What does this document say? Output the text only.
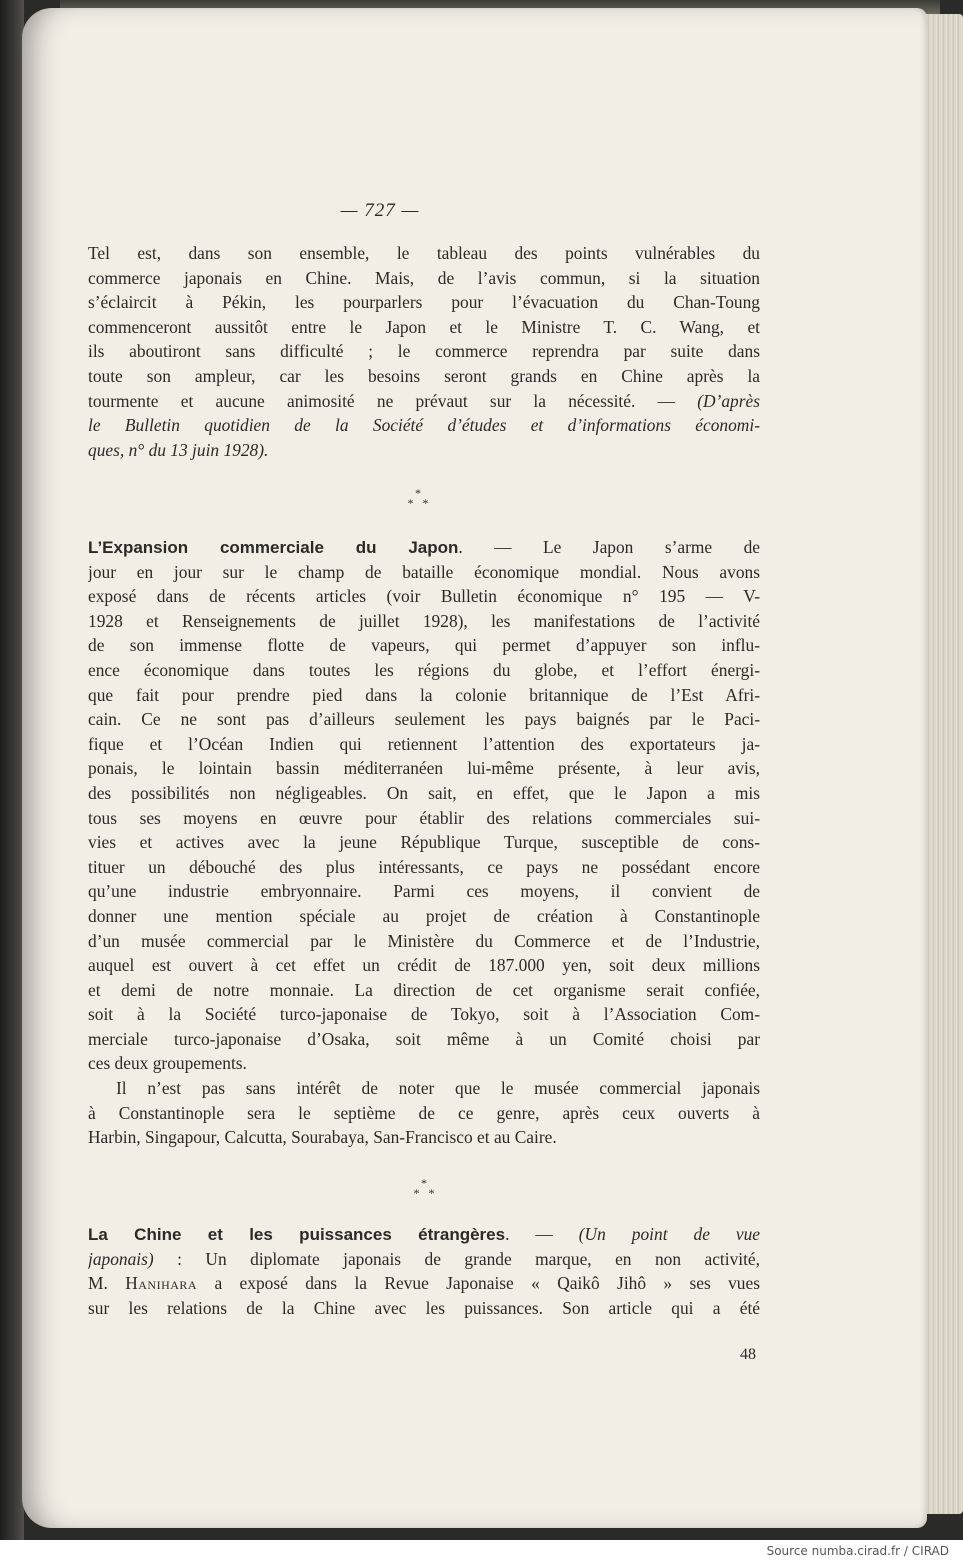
— 727 —
Tel est, dans son ensemble, le tableau des points vulnérables du
commerce japonais en Chine. Mais, de l’avis commun, si la situation
s’éclaircit à Pékin, les pourparlers pour l’évacuation du Chan-Toung
commenceront aussitôt entre le Japon et le Ministre T. C. Wang, et
ils aboutiront sans difficulté ; le commerce reprendra par suite dans
toute son ampleur, car les besoins seront grands en Chine après la
tourmente et aucune animosité ne prévaut sur la nécessité. — (D’après
le Bulletin quotidien de la Société d’études et d’informations économi-
ques, n° du 13 juin 1928).
*
*   *
L’Expansion commerciale du Japon. — Le Japon s’arme de
jour en jour sur le champ de bataille économique mondial. Nous avons
exposé dans de récents articles (voir Bulletin économique n° 195 — V-
1928 et Renseignements de juillet 1928), les manifestations de l’activité
de son immense flotte de vapeurs, qui permet d’appuyer son influ-
ence économique dans toutes les régions du globe, et l’effort énergi-
que fait pour prendre pied dans la colonie britannique de l’Est Afri-
cain. Ce ne sont pas d’ailleurs seulement les pays baignés par le Paci-
fique et l’Océan Indien qui retiennent l’attention des exportateurs ja-
ponais, le lointain bassin méditerranéen lui-même présente, à leur avis,
des possibilités non négligeables. On sait, en effet, que le Japon a mis
tous ses moyens en œuvre pour établir des relations commerciales sui-
vies et actives avec la jeune République Turque, susceptible de cons-
tituer un débouché des plus intéressants, ce pays ne possédant encore
qu’une industrie embryonnaire. Parmi ces moyens, il convient de
donner une mention spéciale au projet de création à Constantinople
d’un musée commercial par le Ministère du Commerce et de l’Industrie,
auquel est ouvert à cet effet un crédit de 187.000 yen, soit deux millions
et demi de notre monnaie. La direction de cet organisme serait confiée,
soit à la Société turco-japonaise de Tokyo, soit à l’Association Com-
merciale turco-japonaise d’Osaka, soit même à un Comité choisi par
ces deux groupements.
Il n’est pas sans intérêt de noter que le musée commercial japonais
à Constantinople sera le septième de ce genre, après ceux ouverts à
Harbin, Singapour, Calcutta, Sourabaya, San-Francisco et au Caire.
*
*   *
La Chine et les puissances étrangères. — (Un point de vue
japonais) : Un diplomate japonais de grande marque, en non activité,
M. Hanihara a exposé dans la Revue Japonaise « Qaikô Jihô » ses vues
sur les relations de la Chine avec les puissances. Son article qui a été
48
Source numba.cirad.fr / CIRAD
